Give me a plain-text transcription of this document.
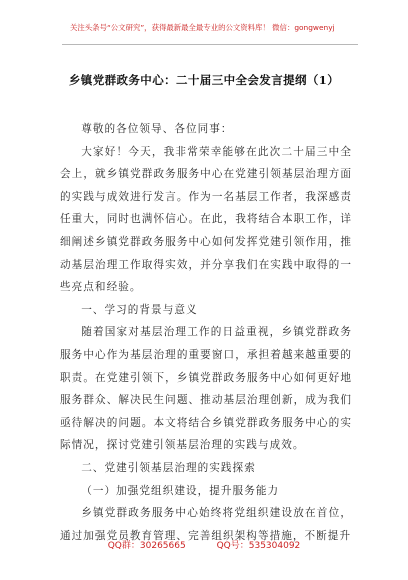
关注头条号“公文研究”，获得最新最全最专业的公文资料库！ 微信：gongwenyj
乡镇党群政务中心：二十届三中全会发言提纲（1）

尊敬的各位领导、各位同事：

大家好！今天，我非常荣幸能够在此次二十届三中全会上，就乡镇党群政务服务中心在党建引领基层治理方面的实践与成效进行发言。作为一名基层工作者，我深感责任重大，同时也满怀信心。在此，我将结合本职工作，详细阐述乡镇党群政务服务中心如何发挥党建引领作用，推动基层治理工作取得实效，并分享我们在实践中取得的一些亮点和经验。

一、学习的背景与意义

随着国家对基层治理工作的日益重视，乡镇党群政务服务中心作为基层治理的重要窗口，承担着越来越重要的职责。在党建引领下，乡镇党群政务服务中心如何更好地服务群众、解决民生问题、推动基层治理创新，成为我们亟待解决的问题。本文将结合乡镇党群政务服务中心的实际情况，探讨党建引领基层治理的实践与成效。

二、党建引领基层治理的实践探索

（一）加强党组织建设，提升服务能力

乡镇党群政务服务中心始终将党组织建设放在首位，通过加强党员教育管理、完善组织架构等措施，不断提升

QQ群：30265665	QQ号：535304092
